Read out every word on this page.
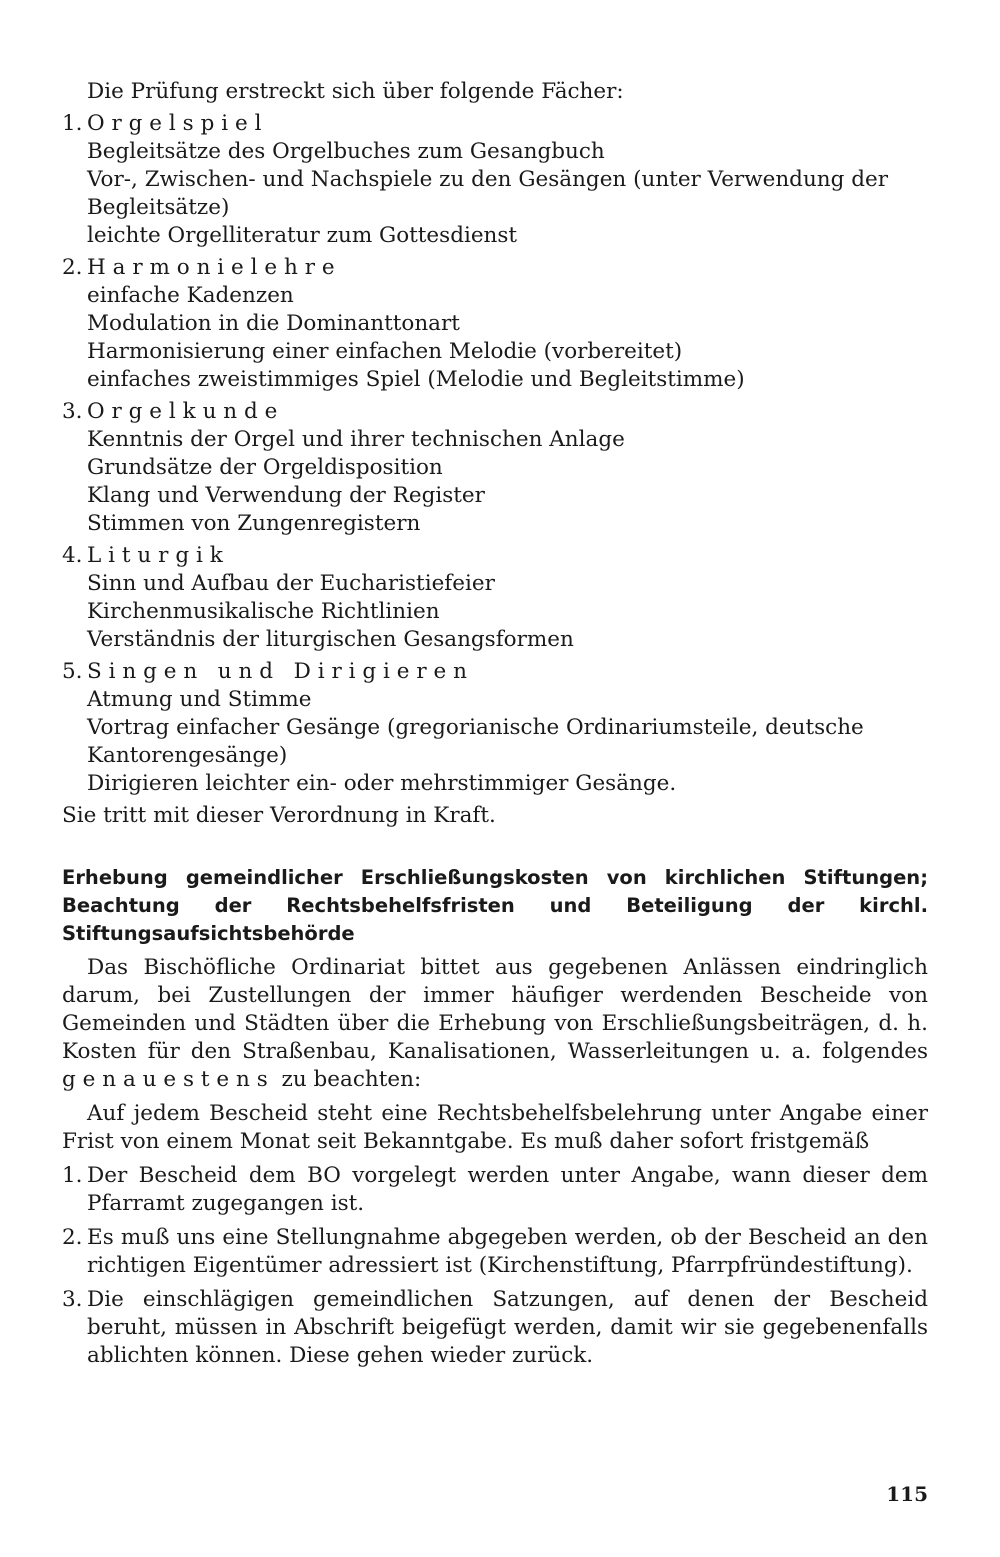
Die Prüfung erstreckt sich über folgende Fächer:

1. Orgelspiel
Begleitsätze des Orgelbuches zum Gesangbuch
Vor-, Zwischen- und Nachspiele zu den Gesängen (unter Verwendung der Begleitsätze)
leichte Orgelliteratur zum Gottesdienst
2. Harmonielehre
einfache Kadenzen
Modulation in die Dominanttonart
Harmonisierung einer einfachen Melodie (vorbereitet)
einfaches zweistimmiges Spiel (Melodie und Begleitstimme)
3. Orgelkunde
Kenntnis der Orgel und ihrer technischen Anlage
Grundsätze der Orgeldisposition
Klang und Verwendung der Register
Stimmen von Zungenregistern
4. Liturgik
Sinn und Aufbau der Eucharistiefeier
Kirchenmusikalische Richtlinien
Verständnis der liturgischen Gesangsformen
5. Singen und Dirigieren
Atmung und Stimme
Vortrag einfacher Gesänge (gregorianische Ordinariumsteile, deutsche Kantorengesänge)
Dirigieren leichter ein- oder mehrstimmiger Gesänge.

Sie tritt mit dieser Verordnung in Kraft.

Erhebung gemeindlicher Erschließungskosten von kirchlichen Stiftungen; Beachtung der Rechtsbehelfsfristen und Beteiligung der kirchl. Stiftungsaufsichtsbehörde

Das Bischöfliche Ordinariat bittet aus gegebenen Anlässen eindringlich darum, bei Zustellungen der immer häufiger werdenden Bescheide von Gemeinden und Städten über die Erhebung von Erschließungsbeiträgen, d. h. Kosten für den Straßenbau, Kanalisationen, Wasserleitungen u. a. folgendes genauestens zu beachten:

Auf jedem Bescheid steht eine Rechtsbehelfsbelehrung unter Angabe einer Frist von einem Monat seit Bekanntgabe. Es muß daher sofort fristgemäß

1. Der Bescheid dem BO vorgelegt werden unter Angabe, wann dieser dem Pfarramt zugegangen ist.
2. Es muß uns eine Stellungnahme abgegeben werden, ob der Bescheid an den richtigen Eigentümer adressiert ist (Kirchenstiftung, Pfarrpfründestiftung).
3. Die einschlägigen gemeindlichen Satzungen, auf denen der Bescheid beruht, müssen in Abschrift beigefügt werden, damit wir sie gegebenenfalls ablichten können. Diese gehen wieder zurück.
115
